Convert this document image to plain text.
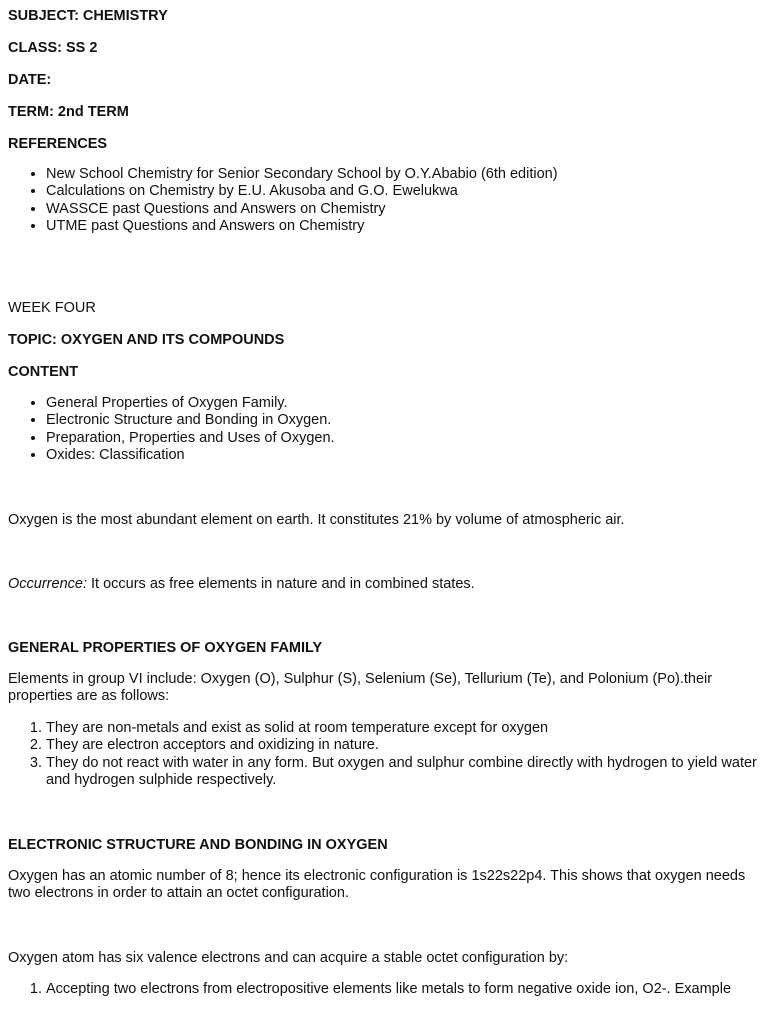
SUBJECT: CHEMISTRY
CLASS: SS 2
DATE:
TERM: 2nd TERM
REFERENCES
• New School Chemistry for Senior Secondary School by O.Y.Ababio (6th edition)
• Calculations on Chemistry by E.U. Akusoba and G.O. Ewelukwa
• WASSCE past Questions and Answers on Chemistry
• UTME past Questions and Answers on Chemistry
WEEK FOUR
TOPIC: OXYGEN AND ITS COMPOUNDS
CONTENT
• General Properties of Oxygen Family.
• Electronic Structure and Bonding in Oxygen.
• Preparation, Properties and Uses of Oxygen.
• Oxides: Classification
Oxygen is the most abundant element on earth. It constitutes 21% by volume of atmospheric air.
Occurrence: It occurs as free elements in nature and in combined states.
GENERAL PROPERTIES OF OXYGEN FAMILY
Elements in group VI include: Oxygen (O), Sulphur (S), Selenium (Se), Tellurium (Te), and Polonium (Po).their properties are as follows:
1. They are non-metals and exist as solid at room temperature except for oxygen
2. They are electron acceptors and oxidizing in nature.
3. They do not react with water in any form. But oxygen and sulphur combine directly with hydrogen to yield water and hydrogen sulphide respectively.
ELECTRONIC STRUCTURE AND BONDING IN OXYGEN
Oxygen has an atomic number of 8; hence its electronic configuration is 1s22s22p4. This shows that oxygen needs two electrons in order to attain an octet configuration.
Oxygen atom has six valence electrons and can acquire a stable octet configuration by:
1. Accepting two electrons from electropositive elements like metals to form negative oxide ion, O2-. Example
